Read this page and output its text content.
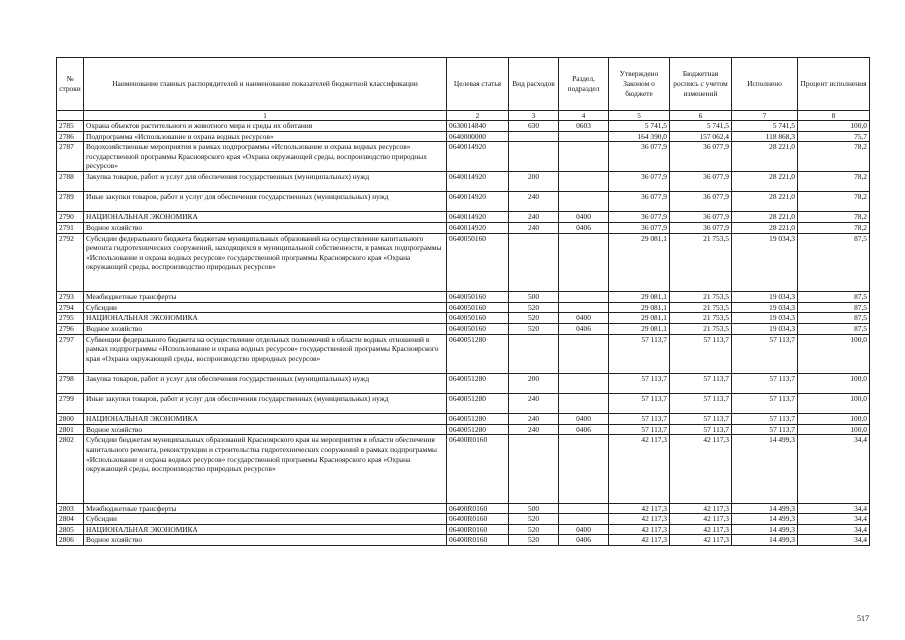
№ строки	Наименование главных распорядителей и наименование показателей бюджетной классификации	Целевая статья	Вид расходов	Раздел, подраздел	Утверждено Законом о бюджете	Бюджетная роспись с учетом изменений	Исполнено	Процент исполнения
	1	2	3	4	5	6	7	8
2785	Охрана объектов растительного и животного мира и среды их обитания	0630014840	630	0603	5 741,5	5 741,5	5 741,5	100,0
2786	Подпрограмма «Использование и охрана водных ресурсов»	0640000000			164 390,0	157 062,4	118 868,3	75,7
2787	Водохозяйственные мероприятия в рамках подпрограммы «Использование и охрана водных ресурсов» государственной программы Красноярского края «Охрана окружающей среды, воспроизводство природных ресурсов»	0640014920			36 077,9	36 077,9	28 221,0	78,2
2788	Закупка товаров, работ и услуг для обеспечения государственных (муниципальных) нужд	0640014920	200		36 077,9	36 077,9	28 221,0	78,2
2789	Иные закупки товаров, работ и услуг для обеспечения государственных (муниципальных) нужд	0640014920	240		36 077,9	36 077,9	28 221,0	78,2
2790	НАЦИОНАЛЬНАЯ ЭКОНОМИКА	0640014920	240	0400	36 077,9	36 077,9	28 221,0	78,2
2791	Водное хозяйство	0640014920	240	0406	36 077,9	36 077,9	28 221,0	78,2
2792	Субсидии федерального бюджета бюджетам муниципальных образований на осуществление капитального ремонта гидротехнических сооружений, находящихся в муниципальной собственности, в рамках подпрограммы «Использование и охрана водных ресурсов» государственной программы Красноярского края «Охрана окружающей среды, воспроизводство природных ресурсов»	0640050160			29 081,1	21 753,5	19 034,3	87,5
2793	Межбюджетные трансферты	0640050160	500		29 081,1	21 753,5	19 034,3	87,5
2794	Субсидии	0640050160	520		29 081,1	21 753,5	19 034,3	87,5
2795	НАЦИОНАЛЬНАЯ ЭКОНОМИКА	0640050160	520	0400	29 081,1	21 753,5	19 034,3	87,5
2796	Водное хозяйство	0640050160	520	0406	29 081,1	21 753,5	19 034,3	87,5
2797	Субвенции федерального бюджета на осуществление отдельных полномочий в области водных отношений в рамках подпрограммы «Использование и охрана водных ресурсов» государственной программы Красноярского края «Охрана окружающей среды, воспроизводство природных ресурсов»	0640051280			57 113,7	57 113,7	57 113,7	100,0
2798	Закупка товаров, работ и услуг для обеспечения государственных (муниципальных) нужд	0640051280	200		57 113,7	57 113,7	57 113,7	100,0
2799	Иные закупки товаров, работ и услуг для обеспечения государственных (муниципальных) нужд	0640051280	240		57 113,7	57 113,7	57 113,7	100,0
2800	НАЦИОНАЛЬНАЯ ЭКОНОМИКА	0640051280	240	0400	57 113,7	57 113,7	57 113,7	100,0
2801	Водное хозяйство	0640051280	240	0406	57 113,7	57 113,7	57 113,7	100,0
2802	Субсидии бюджетам муниципальных образований Красноярского края на мероприятия в области обеспечения капитального ремонта, реконструкции и строительства гидротехнических сооружений в рамках подпрограммы «Использование и охрана водных ресурсов» государственной программы Красноярского края «Охрана окружающей среды, воспроизводство природных ресурсов»	06400R0160			42 117,3	42 117,3	14 499,3	34,4
2803	Межбюджетные трансферты	06400R0160	500		42 117,3	42 117,3	14 499,3	34,4
2804	Субсидии	06400R0160	520		42 117,3	42 117,3	14 499,3	34,4
2805	НАЦИОНАЛЬНАЯ ЭКОНОМИКА	06400R0160	520	0400	42 117,3	42 117,3	14 499,3	34,4
2806	Водное хозяйство	06400R0160	520	0406	42 117,3	42 117,3	14 499,3	34,4
517
